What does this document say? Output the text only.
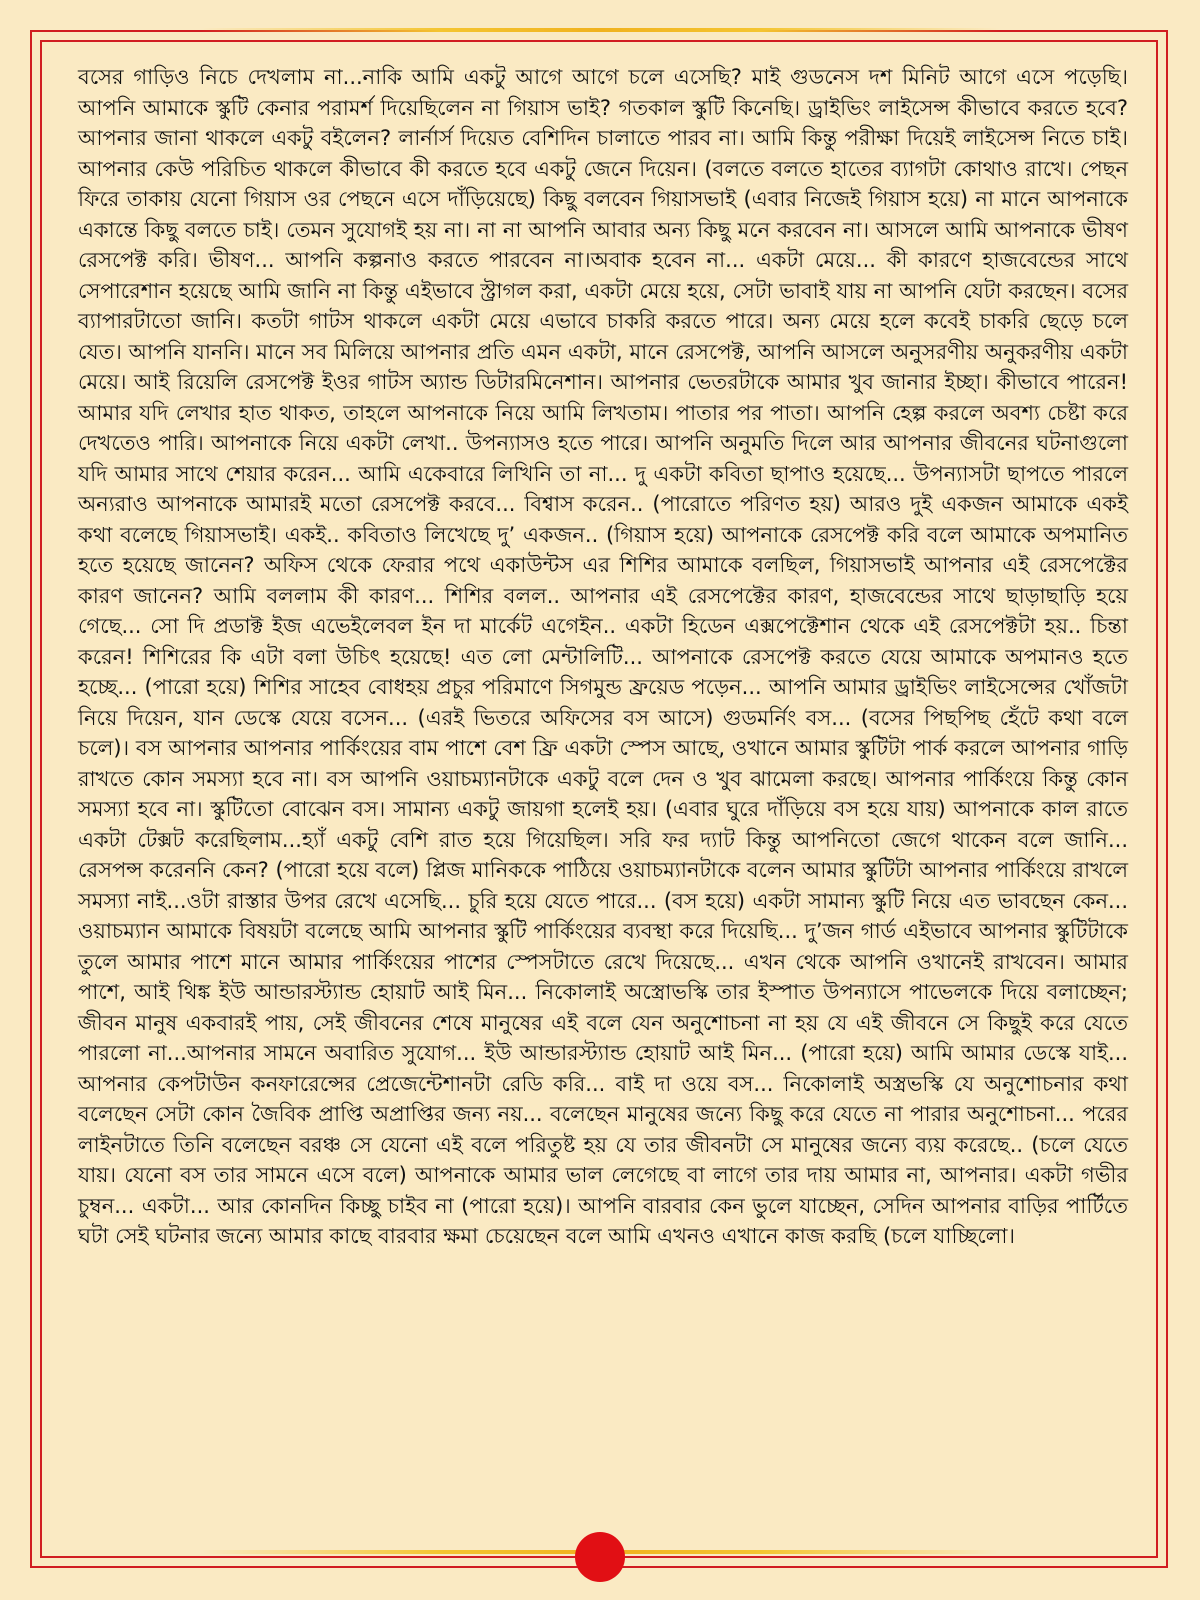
বসের গাড়িও নিচে দেখলাম না...নাকি আমি একটু আগে আগে চলে এসেছি? মাই গুডনেস দশ মিনিট আগে এসে পড়েছি। আপনি আমাকে স্কুটি কেনার পরামর্শ দিয়েছিলেন না গিয়াস ভাই? গতকাল স্কুটি কিনেছি। ড্রাইভিং লাইসেন্স কীভাবে করতে হবে? আপনার জানা থাকলে একটু বইলেন? লার্নার্স দিয়েত বেশিদিন চালাতে পারব না। আমি কিন্তু পরীক্ষা দিয়েই লাইসেন্স নিতে চাই। আপনার কেউ পরিচিত থাকলে কীভাবে কী করতে হবে একটু জেনে দিয়েন। (বলতে বলতে হাতের ব্যাগটা কোথাও রাখে। পেছন ফিরে তাকায় যেনো গিয়াস ওর পেছনে এসে দাঁড়িয়েছে) কিছু বলবেন গিয়াসভাই (এবার নিজেই গিয়াস হয়ে) না মানে আপনাকে একান্তে কিছু বলতে চাই। তেমন সুযোগই হয় না। না না আপনি আবার অন্য কিছু মনে করবেন না। আসলে আমি আপনাকে ভীষণ রেসপেক্ট করি। ভীষণ... আপনি কল্পনাও করতে পারবেন না।অবাক হবেন না... একটা মেয়ে... কী কারণে হাজবেন্ডের সাথে সেপারেশান হয়েছে আমি জানি না কিন্তু এইভাবে স্ট্রাগল করা, একটা মেয়ে হয়ে, সেটা ভাবাই যায় না আপনি যেটা করছেন। বসের ব্যাপারটাতো জানি। কতটা গাটস থাকলে একটা মেয়ে এভাবে চাকরি করতে পারে। অন্য মেয়ে হলে কবেই চাকরি ছেড়ে চলে যেত। আপনি যাননি। মানে সব মিলিয়ে আপনার প্রতি এমন একটা, মানে রেসপেক্ট, আপনি আসলে অনুসরণীয় অনুকরণীয় একটা মেয়ে। আই রিয়েলি রেসপেক্ট ইওর গাটস অ্যান্ড ডিটারমিনেশান। আপনার ভেতরটাকে আমার খুব জানার ইচ্ছা। কীভাবে পারেন! আমার যদি লেখার হাত থাকত, তাহলে আপনাকে নিয়ে আমি লিখতাম। পাতার পর পাতা। আপনি হেল্প করলে অবশ্য চেষ্টা করে দেখতেও পারি। আপনাকে নিয়ে একটা লেখা.. উপন্যাসও হতে পারে। আপনি অনুমতি দিলে আর আপনার জীবনের ঘটনাগুলো যদি আমার সাথে শেয়ার করেন... আমি একেবারে লিখিনি তা না... দু একটা কবিতা ছাপাও হয়েছে... উপন্যাসটা ছাপতে পারলে অন্যরাও আপনাকে আমারই মতো রেসপেক্ট করবে... বিশ্বাস করেন.. (পারোতে পরিণত হয়) আরও দুই একজন আমাকে একই কথা বলেছে গিয়াসভাই। একই.. কবিতাও লিখেছে দু’ একজন.. (গিয়াস হয়ে) আপনাকে রেসপেক্ট করি বলে আমাকে অপমানিত হতে হয়েছে জানেন? অফিস থেকে ফেরার পথে একাউন্টস এর শিশির আমাকে বলছিল, গিয়াসভাই আপনার এই রেসপেক্টের কারণ জানেন? আমি বললাম কী কারণ... শিশির বলল.. আপনার এই রেসপেক্টের কারণ, হাজবেন্ডের সাথে ছাড়াছাড়ি হয়ে গেছে... সো দি প্রডাক্ট ইজ এভেইলেবল ইন দা মার্কেট এগেইন.. একটা হিডেন এক্সপেক্টেশান থেকে এই রেসপেক্টটা হয়.. চিন্তা করেন! শিশিরের কি এটা বলা উচিৎ হয়েছে! এত লো মেন্টালিটি... আপনাকে রেসপেক্ট করতে যেয়ে আমাকে অপমানও হতে হচ্ছে... (পারো হয়ে) শিশির সাহেব বোধহয় প্রচুর পরিমাণে সিগমুন্ড ফ্রয়েড পড়েন... আপনি আমার ড্রাইভিং লাইসেন্সের খোঁজটা নিয়ে দিয়েন, যান ডেস্কে যেয়ে বসেন... (এরই ভিতরে অফিসের বস আসে) গুডমর্নিং বস... (বসের পিছপিছ হেঁটে কথা বলে চলে)। বস আপনার আপনার পার্কিংয়ের বাম পাশে বেশ ফ্রি একটা স্পেস আছে, ওখানে আমার স্কুটিটা পার্ক করলে আপনার গাড়ি রাখতে কোন সমস্যা হবে না। বস আপনি ওয়াচম্যানটাকে একটু বলে দেন ও খুব ঝামেলা করছে। আপনার পার্কিংয়ে কিন্তু কোন সমস্যা হবে না। স্কুটিতো বোঝেন বস। সামান্য একটু জায়গা হলেই হয়। (এবার ঘুরে দাঁড়িয়ে বস হয়ে যায়) আপনাকে কাল রাতে একটা টেক্সট করেছিলাম...হ্যাঁ একটু বেশি রাত হয়ে গিয়েছিল। সরি ফর দ্যাট কিন্তু আপনিতো জেগে থাকেন বলে জানি... রেসপন্স করেননি কেন? (পারো হয়ে বলে) প্লিজ মানিককে পাঠিয়ে ওয়াচম্যানটাকে বলেন আমার স্কুটিটা আপনার পার্কিংয়ে রাখলে সমস্যা নাই...ওটা রাস্তার উপর রেখে এসেছি... চুরি হয়ে যেতে পারে... (বস হয়ে) একটা সামান্য স্কুটি নিয়ে এত ভাবছেন কেন... ওয়াচম্যান আমাকে বিষয়টা বলেছে আমি আপনার স্কুটি পার্কিংয়ের ব্যবস্থা করে দিয়েছি... দু’জন গার্ড এইভাবে আপনার স্কুটিটাকে তুলে আমার পাশে মানে আমার পার্কিংয়ের পাশের স্পেসটাতে রেখে দিয়েছে... এখন থেকে আপনি ওখানেই রাখবেন। আমার পাশে, আই থিঙ্ক ইউ আন্ডারস্ট্যান্ড হোয়াট আই মিন... নিকোলাই অস্ত্রোভস্কি তার ইস্পাত উপন্যাসে পাভেলকে দিয়ে বলাচ্ছেন; জীবন মানুষ একবারই পায়, সেই জীবনের শেষে মানুষের এই বলে যেন অনুশোচনা না হয় যে এই জীবনে সে কিছুই করে যেতে পারলো না...আপনার সামনে অবারিত সুযোগ... ইউ আন্ডারস্ট্যান্ড হোয়াট আই মিন... (পারো হয়ে) আমি আমার ডেস্কে যাই... আপনার কেপটাউন কনফারেন্সের প্রেজেন্টেশানটা রেডি করি... বাই দা ওয়ে বস... নিকোলাই অস্ত্রভস্কি যে অনুশোচনার কথা বলেছেন সেটা কোন জৈবিক প্রাপ্তি অপ্রাপ্তির জন্য নয়... বলেছেন মানুষের জন্যে কিছু করে যেতে না পারার অনুশোচনা... পরের লাইনটাতে তিনি বলেছেন বরঞ্চ সে যেনো এই বলে পরিতুষ্ট হয় যে তার জীবনটা সে মানুষের জন্যে ব্যয় করেছে.. (চলে যেতে যায়। যেনো বস তার সামনে এসে বলে) আপনাকে আমার ভাল লেগেছে বা লাগে তার দায় আমার না, আপনার। একটা গভীর চুম্বন... একটা... আর কোনদিন কিচ্ছু চাইব না (পারো হয়ে)। আপনি বারবার কেন ভুলে যাচ্ছেন, সেদিন আপনার বাড়ির পার্টিতে ঘটা সেই ঘটনার জন্যে আমার কাছে বারবার ক্ষমা চেয়েছেন বলে আমি এখনও এখানে কাজ করছি (চলে যাচ্ছিলো।
